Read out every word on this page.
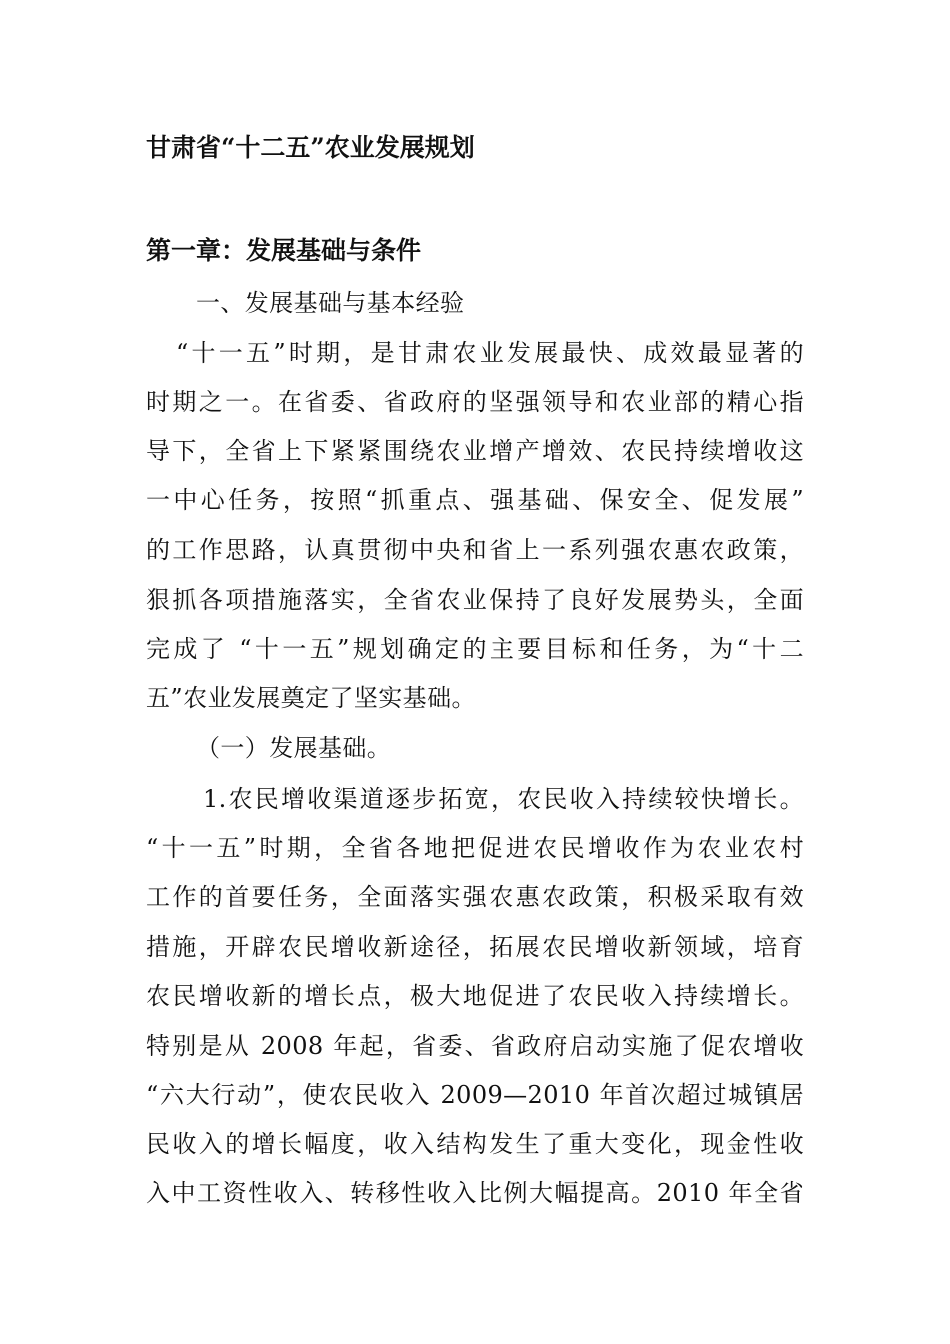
甘肃省“十二五”农业发展规划
第一章：发展基础与条件
一、发展基础与基本经验
“十一五”时期，是甘肃农业发展最快、成效最显著的
时期之一。在省委、省政府的坚强领导和农业部的精心指
导下，全省上下紧紧围绕农业增产增效、农民持续增收这
一中心任务，按照“抓重点、强基础、保安全、促发展”
的工作思路，认真贯彻中央和省上一系列强农惠农政策，
狠抓各项措施落实，全省农业保持了良好发展势头，全面
完成了 “十一五”规划确定的主要目标和任务，为“十二
五”农业发展奠定了坚实基础。
（一）发展基础。
1.农民增收渠道逐步拓宽，农民收入持续较快增长。
“十一五”时期，全省各地把促进农民增收作为农业农村
工作的首要任务，全面落实强农惠农政策，积极采取有效
措施，开辟农民增收新途径，拓展农民增收新领域，培育
农民增收新的增长点，极大地促进了农民收入持续增长。
特别是从 2008 年起，省委、省政府启动实施了促农增收
“六大行动”，使农民收入 2009—2010 年首次超过城镇居
民收入的增长幅度，收入结构发生了重大变化，现金性收
入中工资性收入、转移性收入比例大幅提高。2010 年全省
